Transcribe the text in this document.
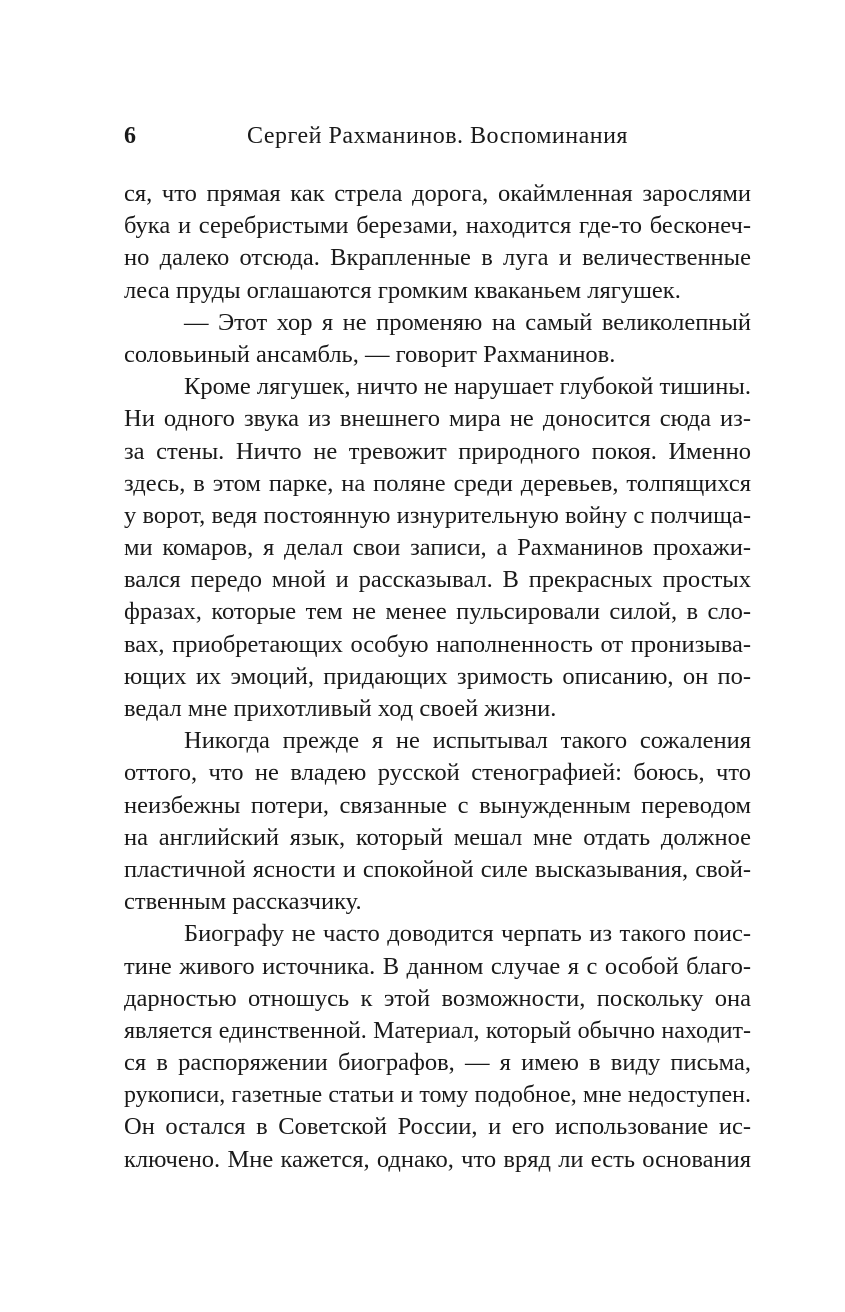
6	Сергей Рахманинов. Воспоминания
ся, что прямая как стрела дорога, окаймленная зарослями
бука и серебристыми березами, находится где-то бесконеч-
но далеко отсюда. Вкрапленные в луга и величественные
леса пруды оглашаются громким кваканьем лягушек.
— Этот хор я не променяю на самый великолепный
соловьиный ансамбль, — говорит Рахманинов.
Кроме лягушек, ничто не нарушает глубокой тишины.
Ни одного звука из внешнего мира не доносится сюда из-
за стены. Ничто не тревожит природного покоя. Именно
здесь, в этом парке, на поляне среди деревьев, толпящихся
у ворот, ведя постоянную изнурительную войну с полчища-
ми комаров, я делал свои записи, а Рахманинов прохажи-
вался передо мной и рассказывал. В прекрасных простых
фразах, которые тем не менее пульсировали силой, в сло-
вах, приобретающих особую наполненность от пронизыва-
ющих их эмоций, придающих зримость описанию, он по-
ведал мне прихотливый ход своей жизни.
Никогда прежде я не испытывал такого сожаления
оттого, что не владею русской стенографией: боюсь, что
неизбежны потери, связанные с вынужденным переводом
на английский язык, который мешал мне отдать должное
пластичной ясности и спокойной силе высказывания, свой-
ственным рассказчику.
Биографу не часто доводится черпать из такого поис-
тине живого источника. В данном случае я с особой благо-
дарностью отношусь к этой возможности, поскольку она
является единственной. Материал, который обычно находит-
ся в распоряжении биографов, — я имею в виду письма,
рукописи, газетные статьи и тому подобное, мне недоступен.
Он остался в Советской России, и его использование ис-
ключено. Мне кажется, однако, что вряд ли есть основания
